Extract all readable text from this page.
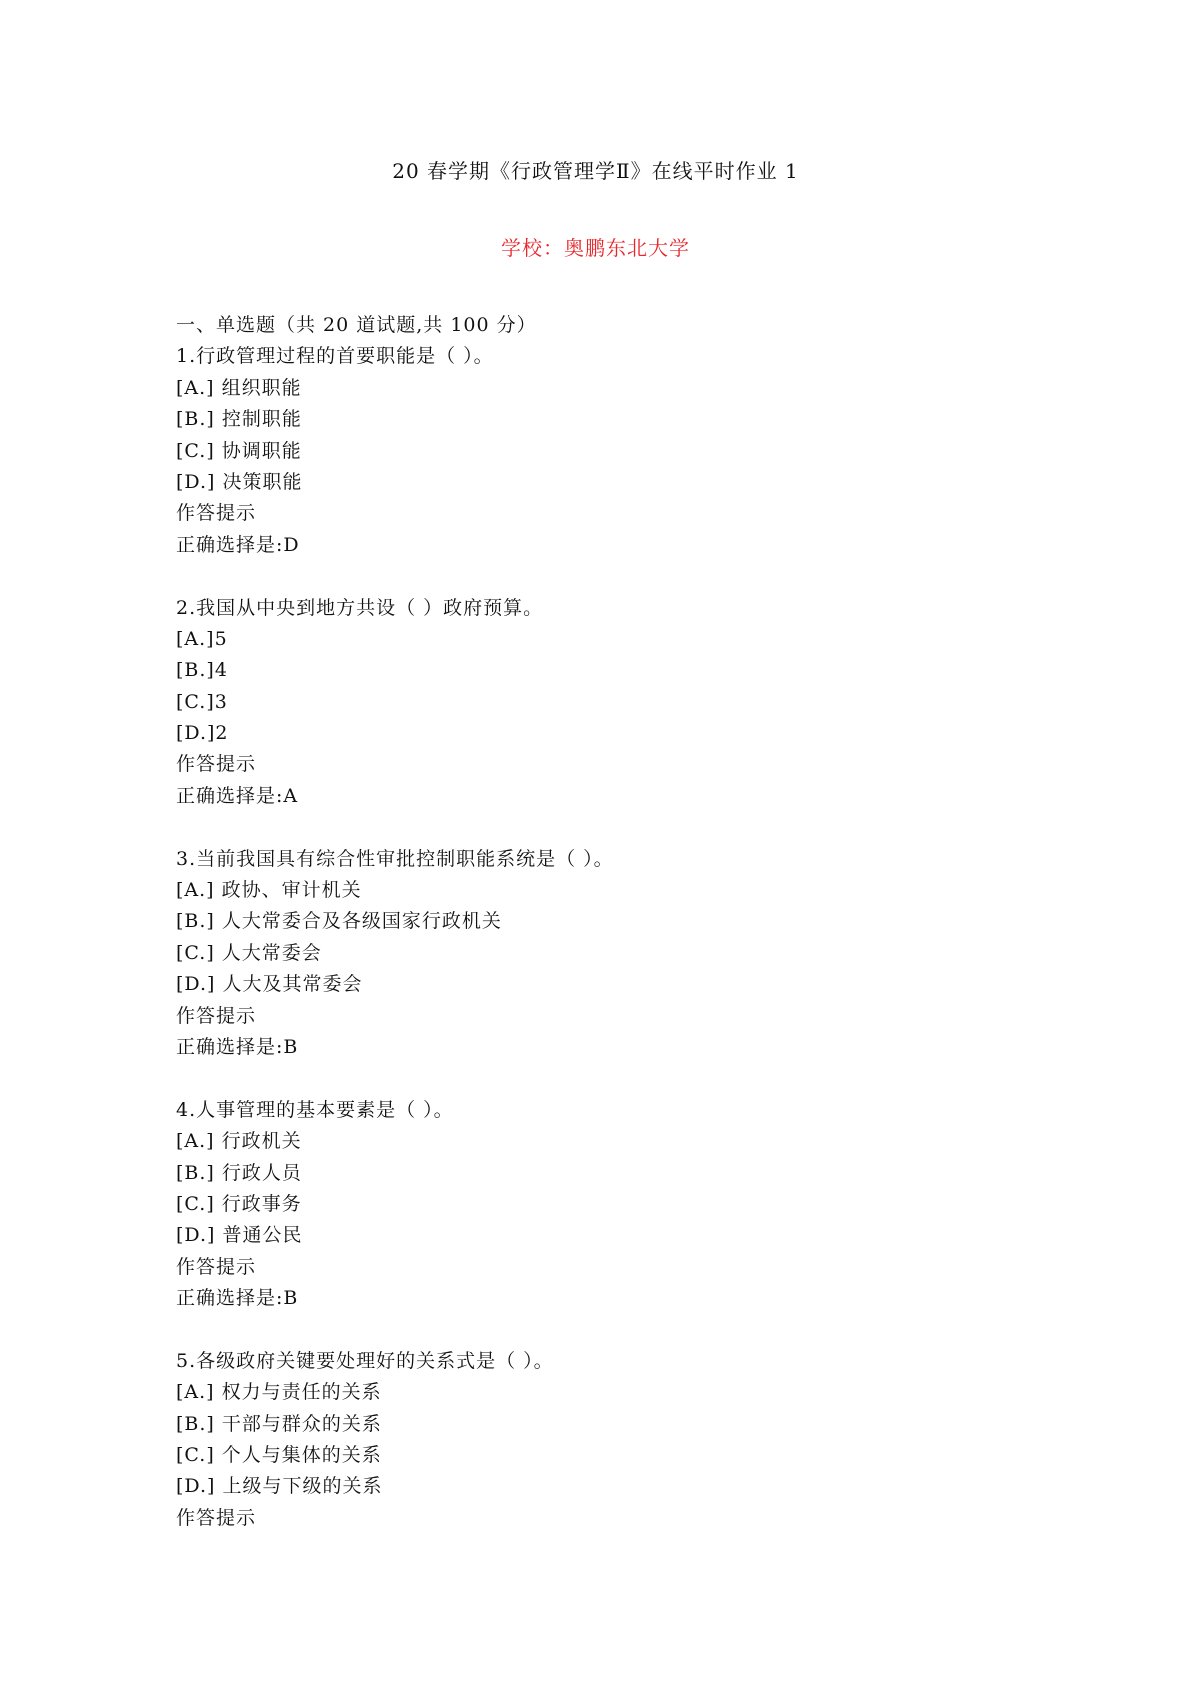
20 春学期《行政管理学Ⅱ》在线平时作业 1
学校：奥鹏东北大学
一、单选题（共 20 道试题,共 100 分）
1.行政管理过程的首要职能是（ ）。
[A.] 组织职能
[B.] 控制职能
[C.] 协调职能
[D.] 决策职能
作答提示
正确选择是:D
2.我国从中央到地方共设（ ）政府预算。
[A.]5
[B.]4
[C.]3
[D.]2
作答提示
正确选择是:A
3.当前我国具有综合性审批控制职能系统是（ ）。
[A.] 政协、审计机关
[B.] 人大常委合及各级国家行政机关
[C.] 人大常委会
[D.] 人大及其常委会
作答提示
正确选择是:B
4.人事管理的基本要素是（ ）。
[A.] 行政机关
[B.] 行政人员
[C.] 行政事务
[D.] 普通公民
作答提示
正确选择是:B
5.各级政府关键要处理好的关系式是（ ）。
[A.] 权力与责任的关系
[B.] 干部与群众的关系
[C.] 个人与集体的关系
[D.] 上级与下级的关系
作答提示
